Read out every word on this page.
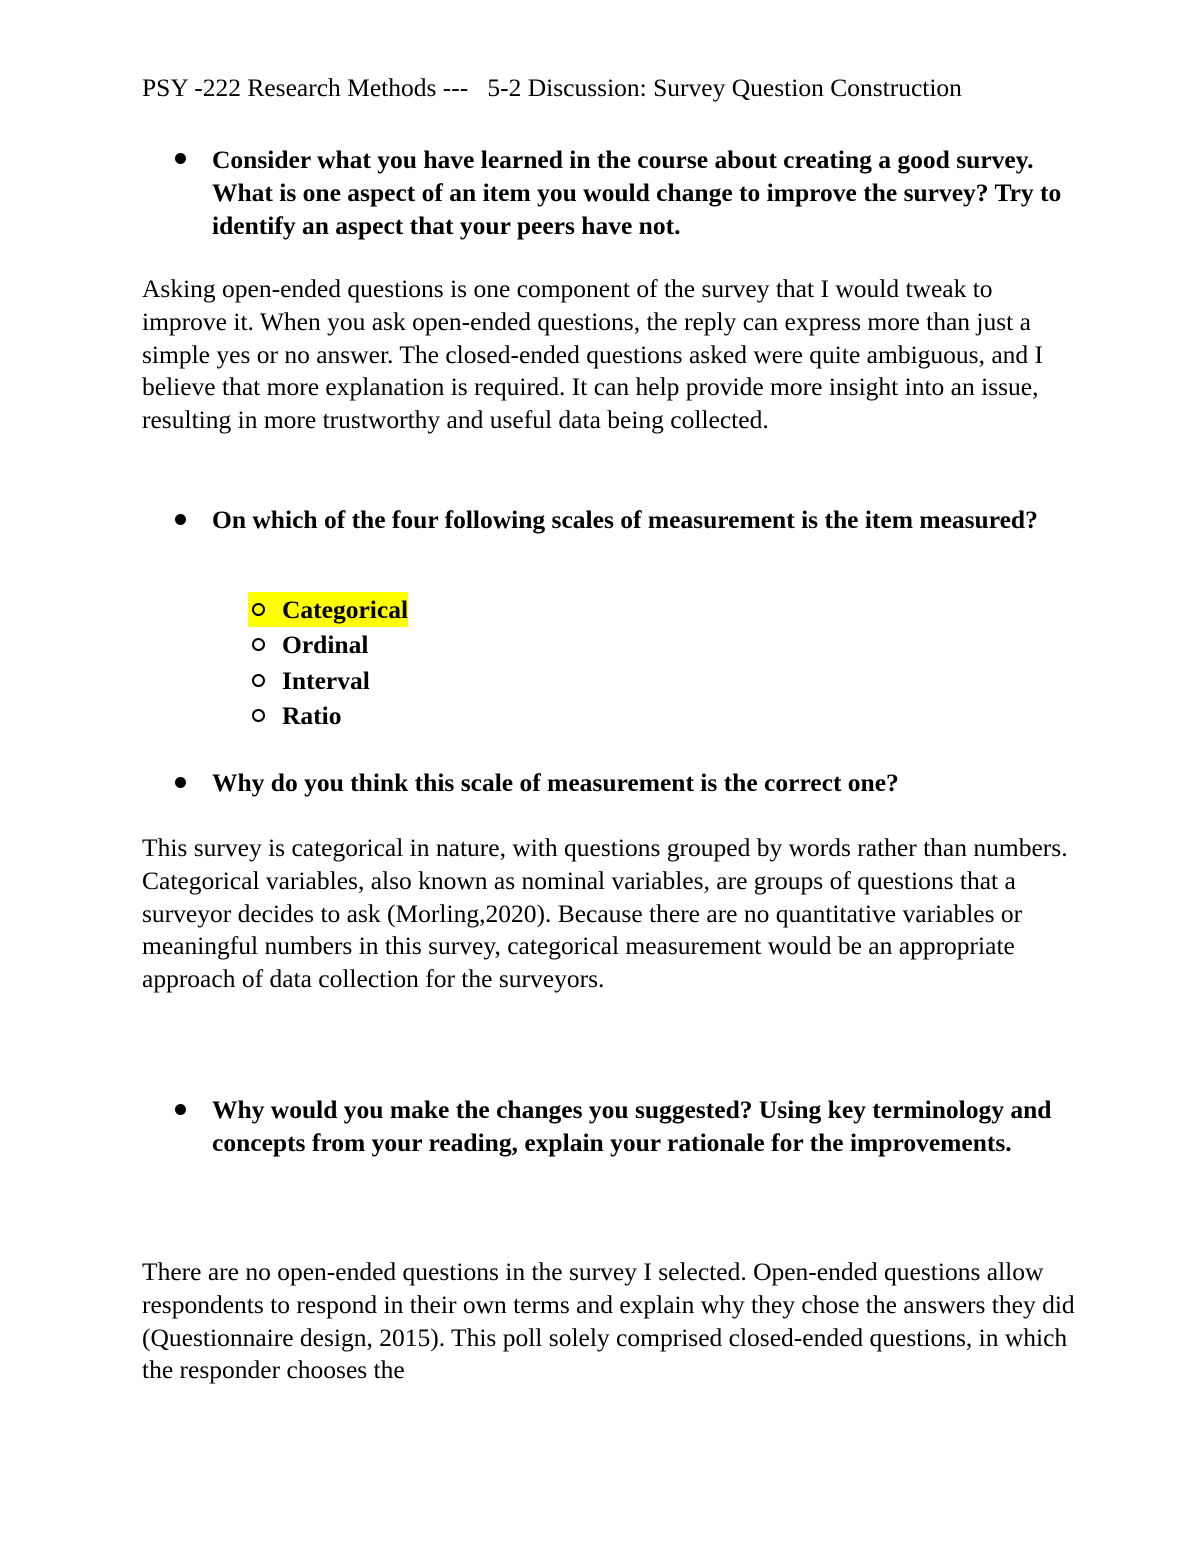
PSY -222 Research Methods ---   5-2 Discussion: Survey Question Construction
Consider what you have learned in the course about creating a good survey. What is one aspect of an item you would change to improve the survey? Try to identify an aspect that your peers have not.
Asking open-ended questions is one component of the survey that I would tweak to improve it. When you ask open-ended questions, the reply can express more than just a simple yes or no answer. The closed-ended questions asked were quite ambiguous, and I believe that more explanation is required. It can help provide more insight into an issue, resulting in more trustworthy and useful data being collected.
On which of the four following scales of measurement is the item measured?
Categorical
Ordinal
Interval
Ratio
Why do you think this scale of measurement is the correct one?
This survey is categorical in nature, with questions grouped by words rather than numbers. Categorical variables, also known as nominal variables, are groups of questions that a surveyor decides to ask (Morling,2020). Because there are no quantitative variables or meaningful numbers in this survey, categorical measurement would be an appropriate approach of data collection for the surveyors.
Why would you make the changes you suggested? Using key terminology and concepts from your reading, explain your rationale for the improvements.
There are no open-ended questions in the survey I selected. Open-ended questions allow respondents to respond in their own terms and explain why they chose the answers they did (Questionnaire design, 2015). This poll solely comprised closed-ended questions, in which the responder chooses the
